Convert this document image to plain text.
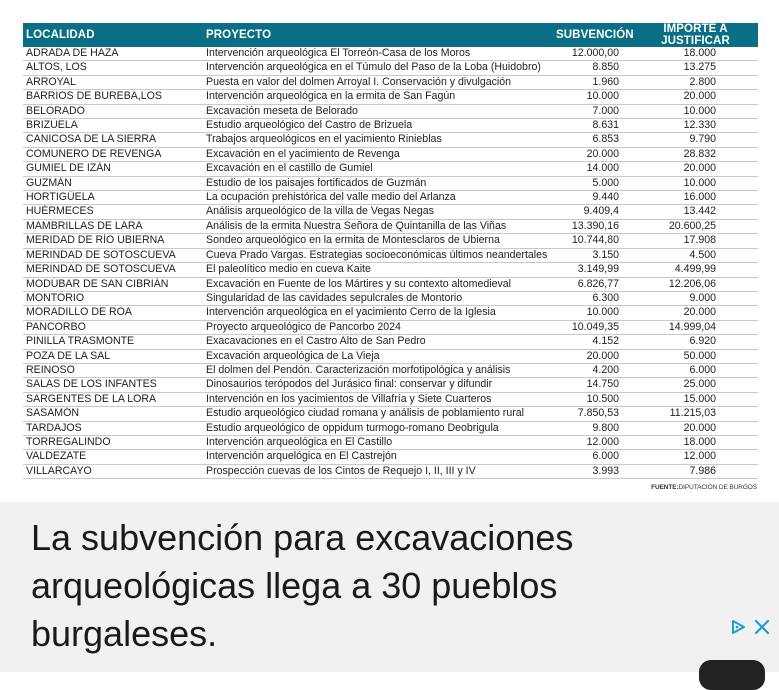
LOCALIDAD	PROYECTO	SUBVENCIÓN	IMPORTE A JUSTIFICAR
ADRADA DE HAZA	Intervención arqueológica El Torreón-Casa de los Moros	12.000,00	18.000
ALTOS, LOS	Intervención arqueológica en el Túmulo del Paso de la Loba (Huidobro)	8.850	13.275
ARROYAL	Puesta en valor del dolmen Arroyal I. Conservación y divulgación	1.960	2.800
BARRIOS DE BUREBA,LOS	Intervención arqueológica en la ermita de San Fagún	10.000	20.000
BELORADO	Excavación meseta de Belorado	7.000	10.000
BRIZUELA	Estudio arqueológico del Castro de Brizuela	8.631	12.330
CANICOSA DE LA SIERRA	Trabajos arqueológicos en el yacimiento Rinieblas	6.853	9.790
COMUNERO DE REVENGA	Excavación en el yacimiento de Revenga	20.000	28.832
GUMIEL DE IZÁN	Excavación en el castillo de Gumiel	14.000	20.000
GUZMÁN	Estudio de los paisajes fortificados de Guzmán	5.000	10.000
HORTIGÜELA	La ocupación prehistórica del valle medio del Arlanza	9.440	16.000
HUÉRMECES	Análisis arqueológico de la villa de Vegas Negas	9.409,4	13.442
MAMBRILLAS DE LARA	Análisis de la ermita Nuestra Señora de Quintanilla de las Viñas	13.390,16	20.600,25
MERIDAD DE RÍO UBIERNA	Sondeo arqueológico en la ermita de Montesclaros de Ubierna	10.744,80	17.908
MERINDAD DE SOTOSCUEVA	Cueva Prado Vargas. Estrategias socioeconómicas últimos neandertales	3.150	4.500
MERINDAD DE SOTOSCUEVA	El paleolítico medio en cueva Kaite	3.149,99	4.499,99
MODÚBAR DE SAN CIBRIÁN	Excavación en Fuente de los Mártires y su contexto altomedieval	6.826,77	12.206,06
MONTORIO	Singularidad de las cavidades sepulcrales de Montorio	6.300	9.000
MORADILLO DE ROA	Intervención arqueológica en el yacimiento Cerro de la Iglesia	10.000	20.000
PANCORBO	Proyecto arqueológico de Pancorbo 2024	10.049,35	14.999,04
PINILLA TRASMONTE	Exacavaciones en el Castro Alto de San Pedro	4.152	6.920
POZA DE LA SAL	Excavación arqueológica de La Vieja	20.000	50.000
REINOSO	El dolmen del Pendón. Caracterización morfotipológica y análisis	4.200	6.000
SALAS DE LOS INFANTES	Dinosaurios terópodos del Jurásico final: conservar y difundir	14.750	25.000
SARGENTES DE LA LORA	Intervención en los yacimientos de Villafría y Siete Cuarteros	10.500	15.000
SASAMÓN	Estudio arqueológico ciudad romana y análisis de poblamiento rural	7.850,53	11.215,03
TARDAJOS	Estudio arqueológico de oppidum turmogo-romano Deobrigula	9.800	20.000
TORREGALINDO	Intervención arqueológica en El Castillo	12.000	18.000
VALDEZATE	Intervención arquelógica en El Castrejón	6.000	12.000
VILLARCAYO	Prospección cuevas de los Cintos de Requejo I, II, III y IV	3.993	7.986
FUENTE:DIPUTACIÓN DE BURGOS

La subvención para excavaciones arqueológicas llega a 30 pueblos burgaleses.
